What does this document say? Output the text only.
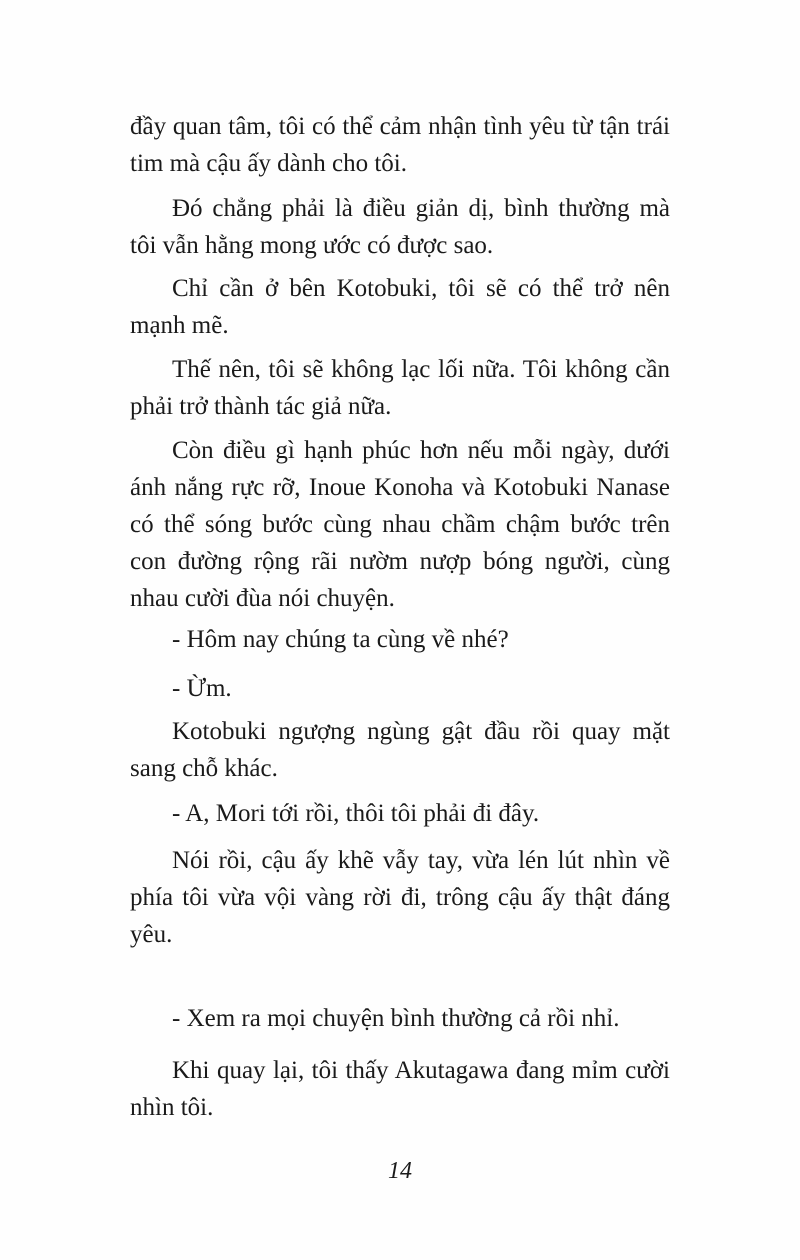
đầy quan tâm, tôi có thể cảm nhận tình yêu từ tận trái tim mà cậu ấy dành cho tôi.

Đó chẳng phải là điều giản dị, bình thường mà tôi vẫn hằng mong ước có được sao.

Chỉ cần ở bên Kotobuki, tôi sẽ có thể trở nên mạnh mẽ.

Thế nên, tôi sẽ không lạc lối nữa. Tôi không cần phải trở thành tác giả nữa.

Còn điều gì hạnh phúc hơn nếu mỗi ngày, dưới ánh nắng rực rỡ, Inoue Konoha và Kotobuki Nanase có thể sóng bước cùng nhau chầm chậm bước trên con đường rộng rãi nườm nượp bóng người, cùng nhau cười đùa nói chuyện.

- Hôm nay chúng ta cùng về nhé?

- Ừm.

Kotobuki ngượng ngùng gật đầu rồi quay mặt sang chỗ khác.

- A, Mori tới rồi, thôi tôi phải đi đây.

Nói rồi, cậu ấy khẽ vẫy tay, vừa lén lút nhìn về phía tôi vừa vội vàng rời đi, trông cậu ấy thật đáng yêu.

- Xem ra mọi chuyện bình thường cả rồi nhỉ.

Khi quay lại, tôi thấy Akutagawa đang mỉm cười nhìn tôi.

14
